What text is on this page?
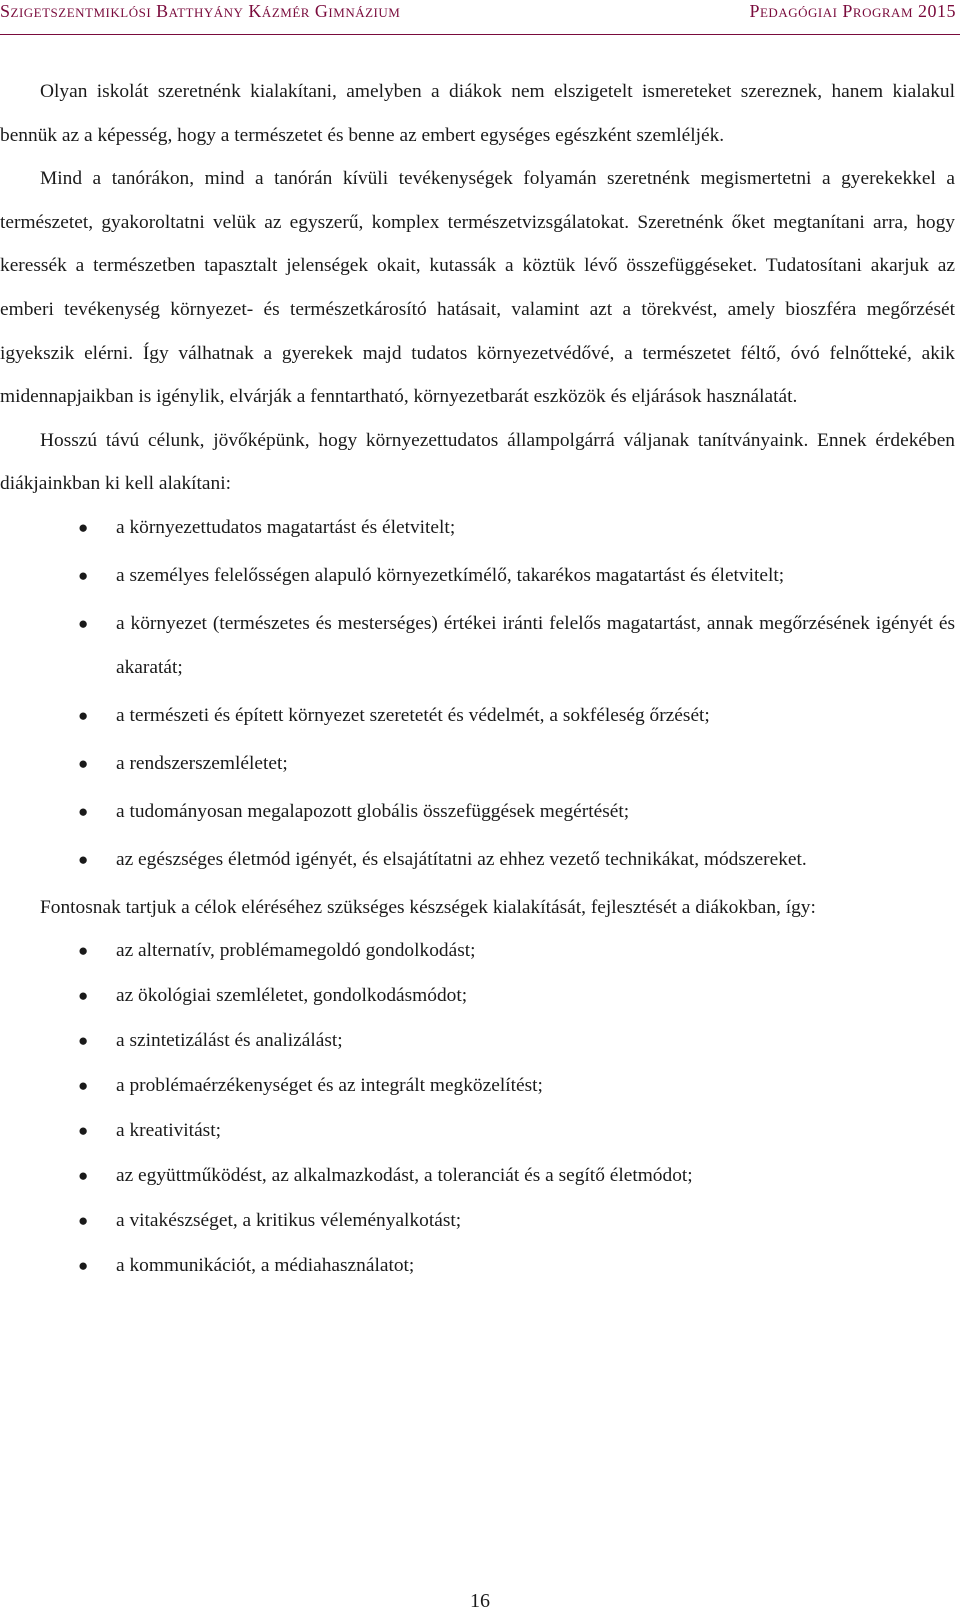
Szigetszentmiklósi Batthyány Kázmér Gimnázium	Pedagógiai Program 2015

Olyan iskolát szeretnénk kialakítani, amelyben a diákok nem elszigetelt ismereteket szereznek, hanem kialakul bennük az a képesség, hogy a természetet és benne az embert egységes egészként szemléljék.

Mind a tanórákon, mind a tanórán kívüli tevékenységek folyamán szeretnénk megismertetni a gyerekekkel a természetet, gyakoroltatni velük az egyszerű, komplex természetvizsgálatokat. Szeretnénk őket megtanítani arra, hogy keressék a természetben tapasztalt jelenségek okait, kutassák a köztük lévő összefüggéseket. Tudatosítani akarjuk az emberi tevékenység környezet- és természetkárosító hatásait, valamint azt a törekvést, amely bioszféra megőrzését igyekszik elérni. Így válhatnak a gyerekek majd tudatos környezetvédővé, a természetet féltő, óvó felnőtteké, akik midennapjaikban is igénylik, elvárják a fenntartható, környezetbarát eszközök és eljárások használatát.

Hosszú távú célunk, jövőképünk, hogy környezettudatos állampolgárrá váljanak tanítványaink. Ennek érdekében diákjainkban ki kell alakítani:

● a környezettudatos magatartást és életvitelt;
● a személyes felelősségen alapuló környezetkímélő, takarékos magatartást és életvitelt;
● a környezet (természetes és mesterséges) értékei iránti felelős magatartást, annak megőrzésének igényét és akaratát;
● a természeti és épített környezet szeretetét és védelmét, a sokféleség őrzését;
● a rendszerszemléletet;
● a tudományosan megalapozott globális összefüggések megértését;
● az egészséges életmód igényét, és elsajátítatni az ehhez vezető technikákat, módszereket.

Fontosnak tartjuk a célok eléréséhez szükséges készségek kialakítását, fejlesztését a diákokban, így:

● az alternatív, problémamegoldó gondolkodást;
● az ökológiai szemléletet, gondolkodásmódot;
● a szintetizálást és analizálást;
● a problémaérzékenységet és az integrált megközelítést;
● a kreativitást;
● az együttműködést, az alkalmazkodást, a toleranciát és a segítő életmódot;
● a vitakészséget, a kritikus véleményalkotást;
● a kommunikációt, a médiahasználatot;
16
